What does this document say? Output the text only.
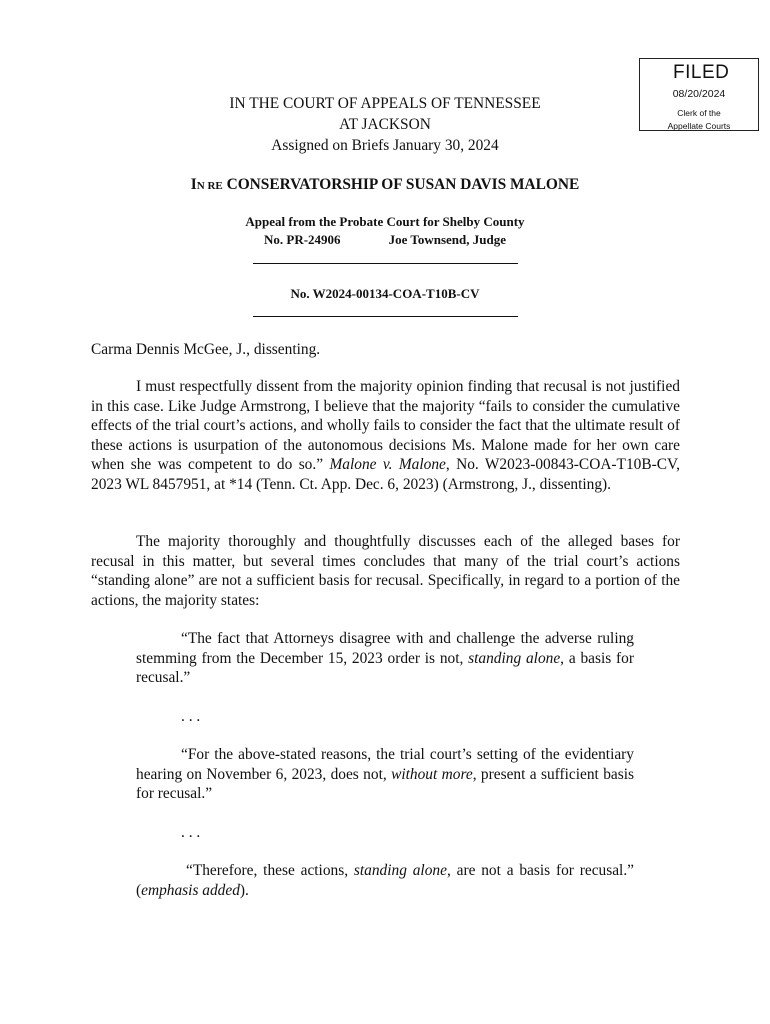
FILED
08/20/2024
Clerk of the
Appellate Courts
IN THE COURT OF APPEALS OF TENNESSEE
AT JACKSON
Assigned on Briefs January 30, 2024
IN RE CONSERVATORSHIP OF SUSAN DAVIS MALONE
Appeal from the Probate Court for Shelby County
No. PR-24906	Joe Townsend, Judge
No. W2024-00134-COA-T10B-CV

Carma Dennis McGee, J., dissenting.

I must respectfully dissent from the majority opinion finding that recusal is not justified in this case. Like Judge Armstrong, I believe that the majority “fails to consider the cumulative effects of the trial court’s actions, and wholly fails to consider the fact that the ultimate result of these actions is usurpation of the autonomous decisions Ms. Malone made for her own care when she was competent to do so.” Malone v. Malone, No. W2023-00843-COA-T10B-CV, 2023 WL 8457951, at *14 (Tenn. Ct. App. Dec. 6, 2023) (Armstrong, J., dissenting).

The majority thoroughly and thoughtfully discusses each of the alleged bases for recusal in this matter, but several times concludes that many of the trial court’s actions “standing alone” are not a sufficient basis for recusal. Specifically, in regard to a portion of the actions, the majority states:

“The fact that Attorneys disagree with and challenge the adverse ruling stemming from the December 15, 2023 order is not, standing alone, a basis for recusal.”

. . .

“For the above-stated reasons, the trial court’s setting of the evidentiary hearing on November 6, 2023, does not, without more, present a sufficient basis for recusal.”

. . .

“Therefore, these actions, standing alone, are not a basis for recusal.” (emphasis added).
